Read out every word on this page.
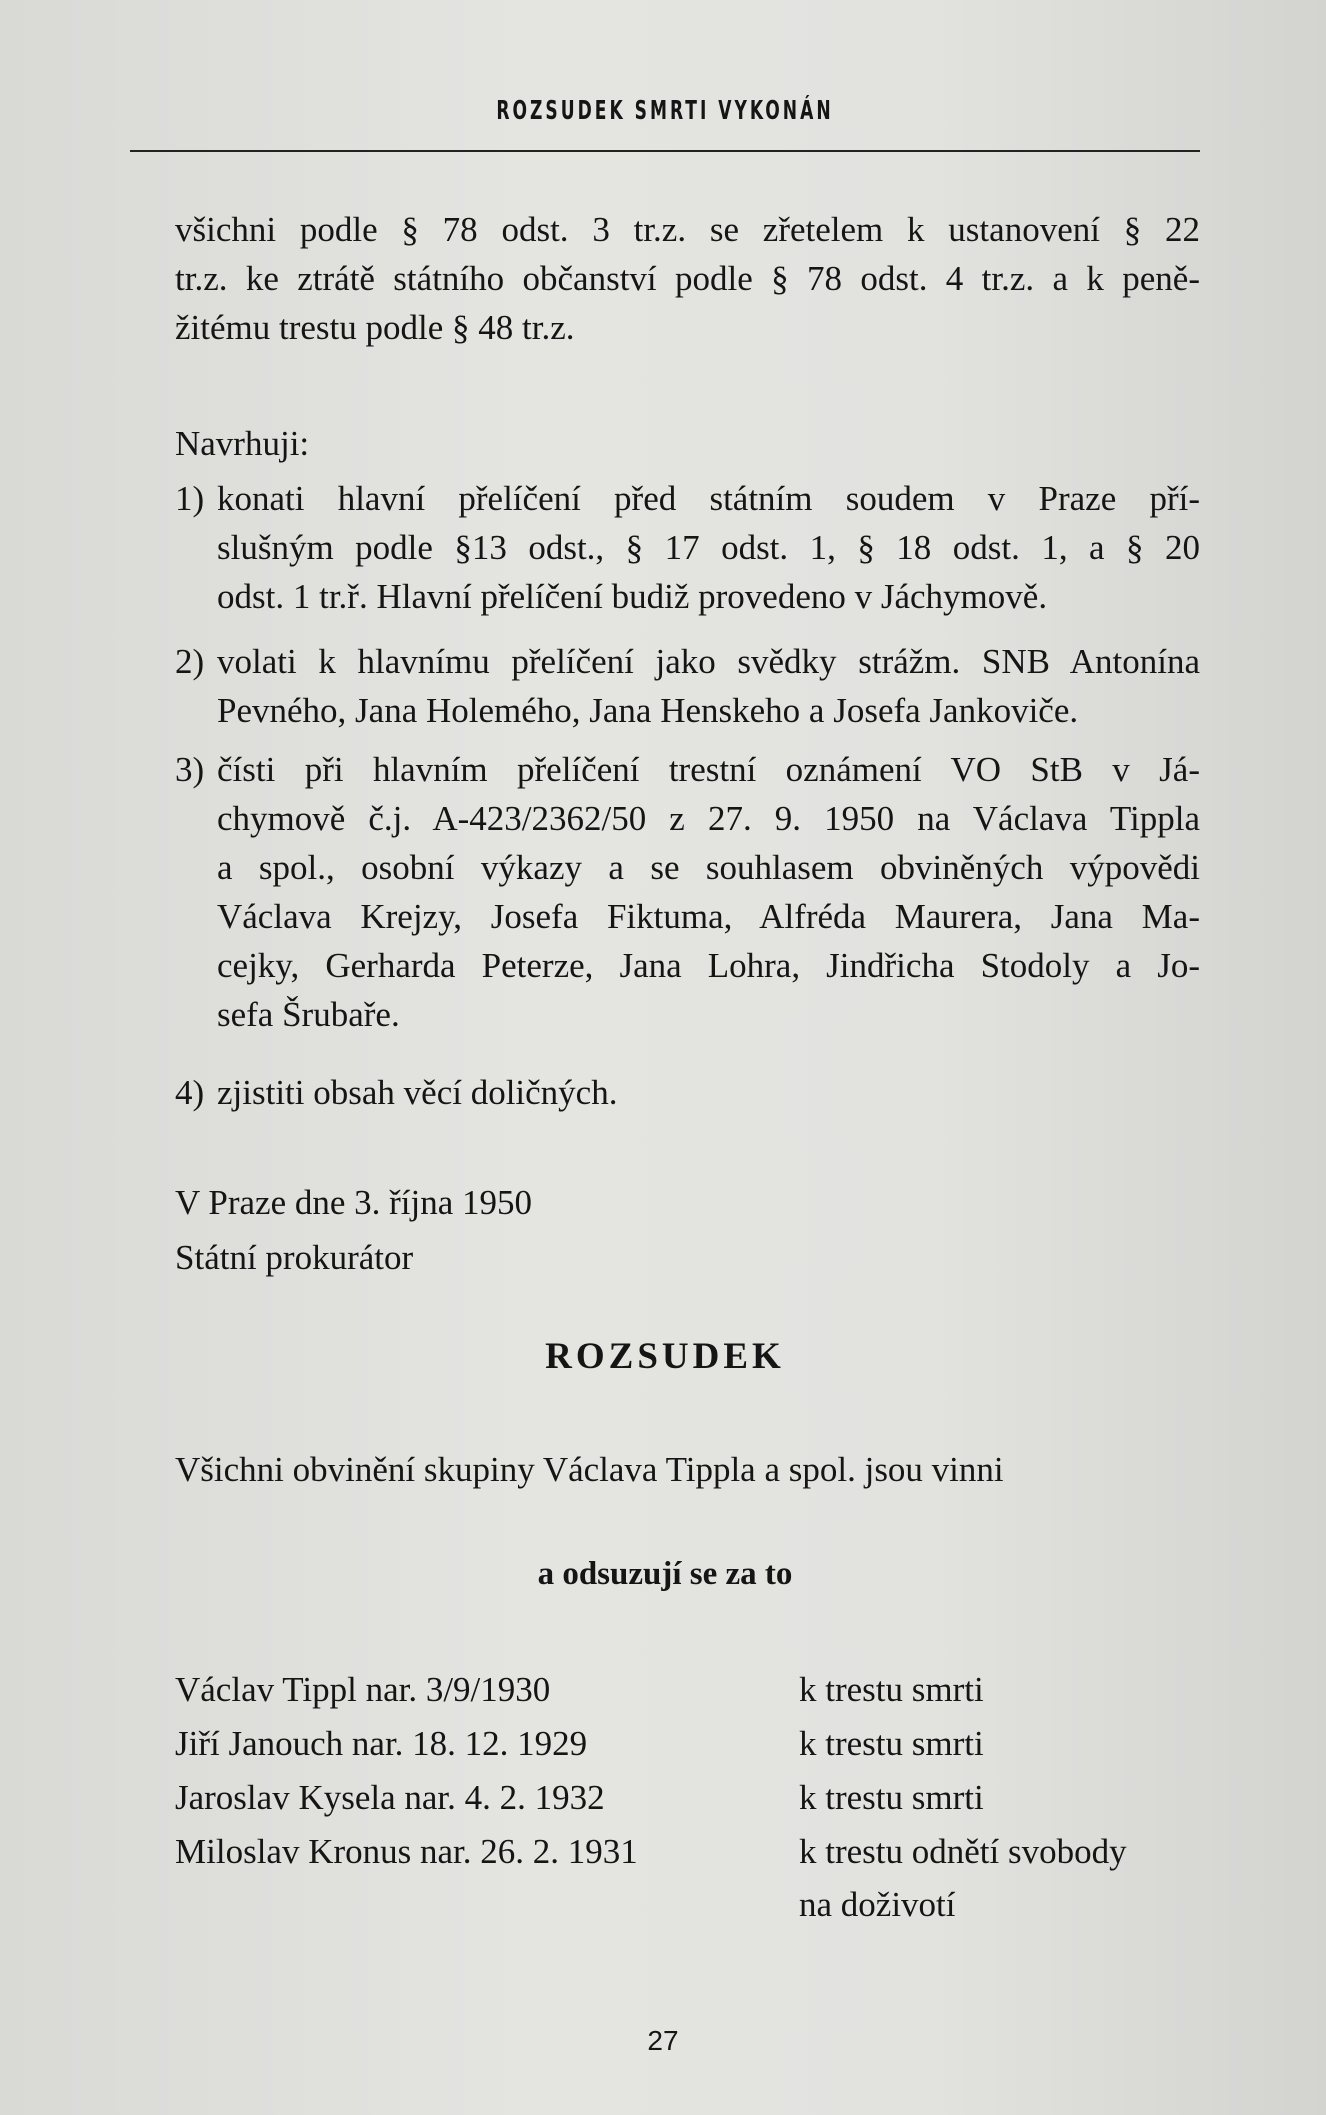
ROZSUDEK SMRTI VYKONÁN
všichni podle § 78 odst. 3 tr.z. se zřetelem k ustanovení § 22
tr.z. ke ztrátě státního občanství podle § 78 odst. 4 tr.z. a k peně-
žitému trestu podle § 48 tr.z.
Navrhuji:
1) konati hlavní přelíčení před státním soudem v Praze pří-
slušným podle §13 odst., § 17 odst. 1, § 18 odst. 1, a § 20
odst. 1 tr.ř. Hlavní přelíčení budiž provedeno v Jáchymově.
2) volati k hlavnímu přelíčení jako svědky strážm. SNB Antonína
Pevného, Jana Holemého, Jana Henskeho a Josefa Jankoviče.
3) čísti při hlavním přelíčení trestní oznámení VO StB v Já-
chymově č.j. A-423/2362/50 z 27. 9. 1950 na Václava Tippla
a spol., osobní výkazy a se souhlasem obviněných výpovědi
Václava Krejzy, Josefa Fiktuma, Alfréda Maurera, Jana Ma-
cejky, Gerharda Peterze, Jana Lohra, Jindřicha Stodoly a Jo-
sefa Šrubaře.
4) zjistiti obsah věcí doličných.
V Praze dne 3. října 1950
Státní prokurátor
ROZSUDEK
Všichni obvinění skupiny Václava Tippla a spol. jsou vinni
a odsuzují se za to
Václav Tippl nar. 3/9/1930	k trestu smrti
Jiří Janouch nar. 18. 12. 1929	k trestu smrti
Jaroslav Kysela nar. 4. 2. 1932	k trestu smrti
Miloslav Kronus nar. 26. 2. 1931	k trestu odnětí svobody
na doživotí
27
